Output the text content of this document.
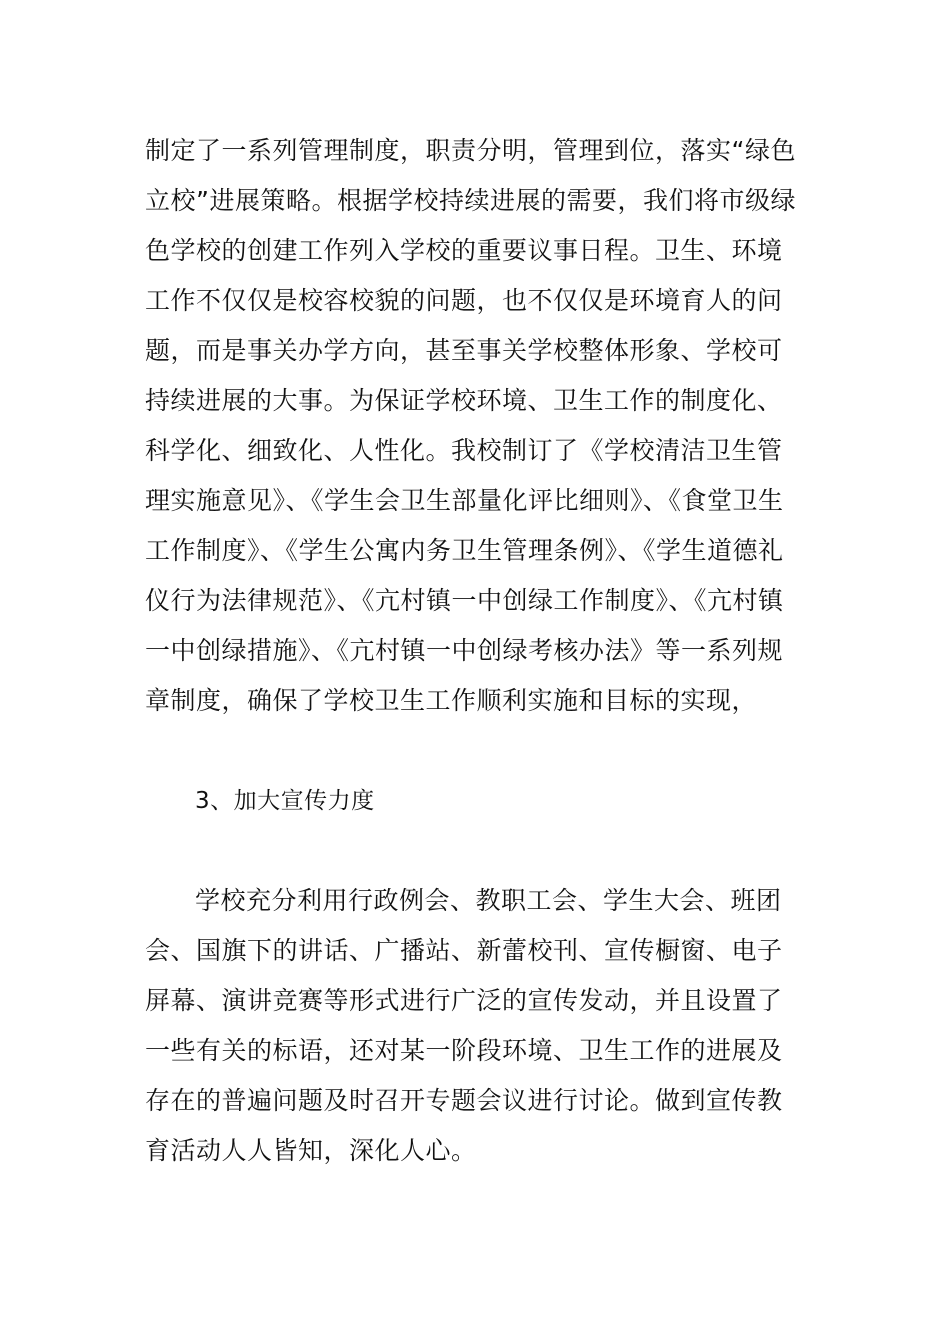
制定了一系列管理制度，职责分明，管理到位，落实“绿色立校”进展策略。根据学校持续进展的需要，我们将市级绿色学校的创建工作列入学校的重要议事日程。卫生、环境工作不仅仅是校容校貌的问题，也不仅仅是环境育人的问题，而是事关办学方向，甚至事关学校整体形象、学校可持续进展的大事。为保证学校环境、卫生工作的制度化、科学化、细致化、人性化。我校制订了《学校清洁卫生管理实施意见》、《学生会卫生部量化评比细则》、《食堂卫生工作制度》、《学生公寓内务卫生管理条例》、《学生道德礼仪行为法律规范》、《亢村镇一中创绿工作制度》、《亢村镇一中创绿措施》、《亢村镇一中创绿考核办法》等一系列规章制度，确保了学校卫生工作顺利实施和目标的实现，

3、加大宣传力度

学校充分利用行政例会、教职工会、学生大会、班团会、国旗下的讲话、广播站、新蕾校刊、宣传橱窗、电子屏幕、演讲竞赛等形式进行广泛的宣传发动，并且设置了一些有关的标语，还对某一阶段环境、卫生工作的进展及存在的普遍问题及时召开专题会议进行讨论。做到宣传教育活动人人皆知，深化人心。
